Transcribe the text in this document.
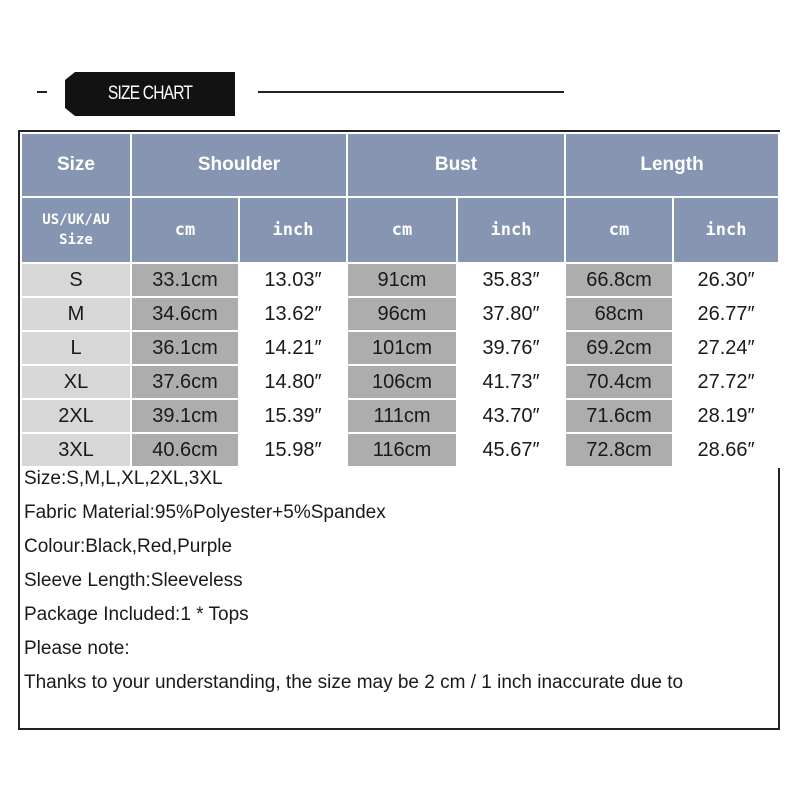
SIZE CHART
Size	Shoulder		Bust		Length	
US/UK/AU
Size	cm	inch	cm	inch	cm	inch
S	33.1cm	13.03″	91cm	35.83″	66.8cm	26.30″
M	34.6cm	13.62″	96cm	37.80″	68cm	26.77″
L	36.1cm	14.21″	101cm	39.76″	69.2cm	27.24″
XL	37.6cm	14.80″	106cm	41.73″	70.4cm	27.72″
2XL	39.1cm	15.39″	111cm	43.70″	71.6cm	28.19″
3XL	40.6cm	15.98″	116cm	45.67″	72.8cm	28.66″
Size:S,M,L,XL,2XL,3XL
Fabric Material:95%Polyester+5%Spandex
Colour:Black,Red,Purple
Sleeve Length:Sleeveless
Package Included:1 * Tops
Please note:
Thanks to your understanding, the size may be 2 cm / 1 inch inaccurate due to
